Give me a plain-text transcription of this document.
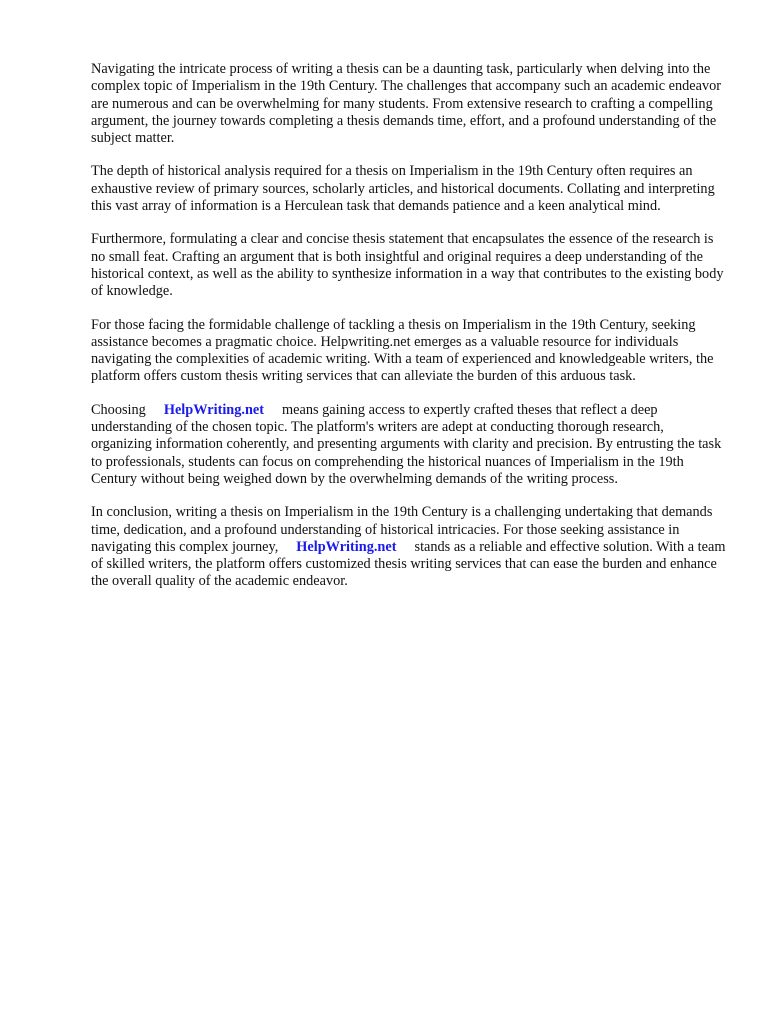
Navigating the intricate process of writing a thesis can be a daunting task, particularly when delving into the complex topic of Imperialism in the 19th Century. The challenges that accompany such an academic endeavor are numerous and can be overwhelming for many students. From extensive research to crafting a compelling argument, the journey towards completing a thesis demands time, effort, and a profound understanding of the subject matter.

The depth of historical analysis required for a thesis on Imperialism in the 19th Century often requires an exhaustive review of primary sources, scholarly articles, and historical documents. Collating and interpreting this vast array of information is a Herculean task that demands patience and a keen analytical mind.

Furthermore, formulating a clear and concise thesis statement that encapsulates the essence of the research is no small feat. Crafting an argument that is both insightful and original requires a deep understanding of the historical context, as well as the ability to synthesize information in a way that contributes to the existing body of knowledge.

For those facing the formidable challenge of tackling a thesis on Imperialism in the 19th Century, seeking assistance becomes a pragmatic choice. Helpwriting.net emerges as a valuable resource for individuals navigating the complexities of academic writing. With a team of experienced and knowledgeable writers, the platform offers custom thesis writing services that can alleviate the burden of this arduous task.

Choosing HelpWriting.net means gaining access to expertly crafted theses that reflect a deep understanding of the chosen topic. The platform's writers are adept at conducting thorough research, organizing information coherently, and presenting arguments with clarity and precision. By entrusting the task to professionals, students can focus on comprehending the historical nuances of Imperialism in the 19th Century without being weighed down by the overwhelming demands of the writing process.

In conclusion, writing a thesis on Imperialism in the 19th Century is a challenging undertaking that demands time, dedication, and a profound understanding of historical intricacies. For those seeking assistance in navigating this complex journey, HelpWriting.net stands as a reliable and effective solution. With a team of skilled writers, the platform offers customized thesis writing services that can ease the burden and enhance the overall quality of the academic endeavor.
